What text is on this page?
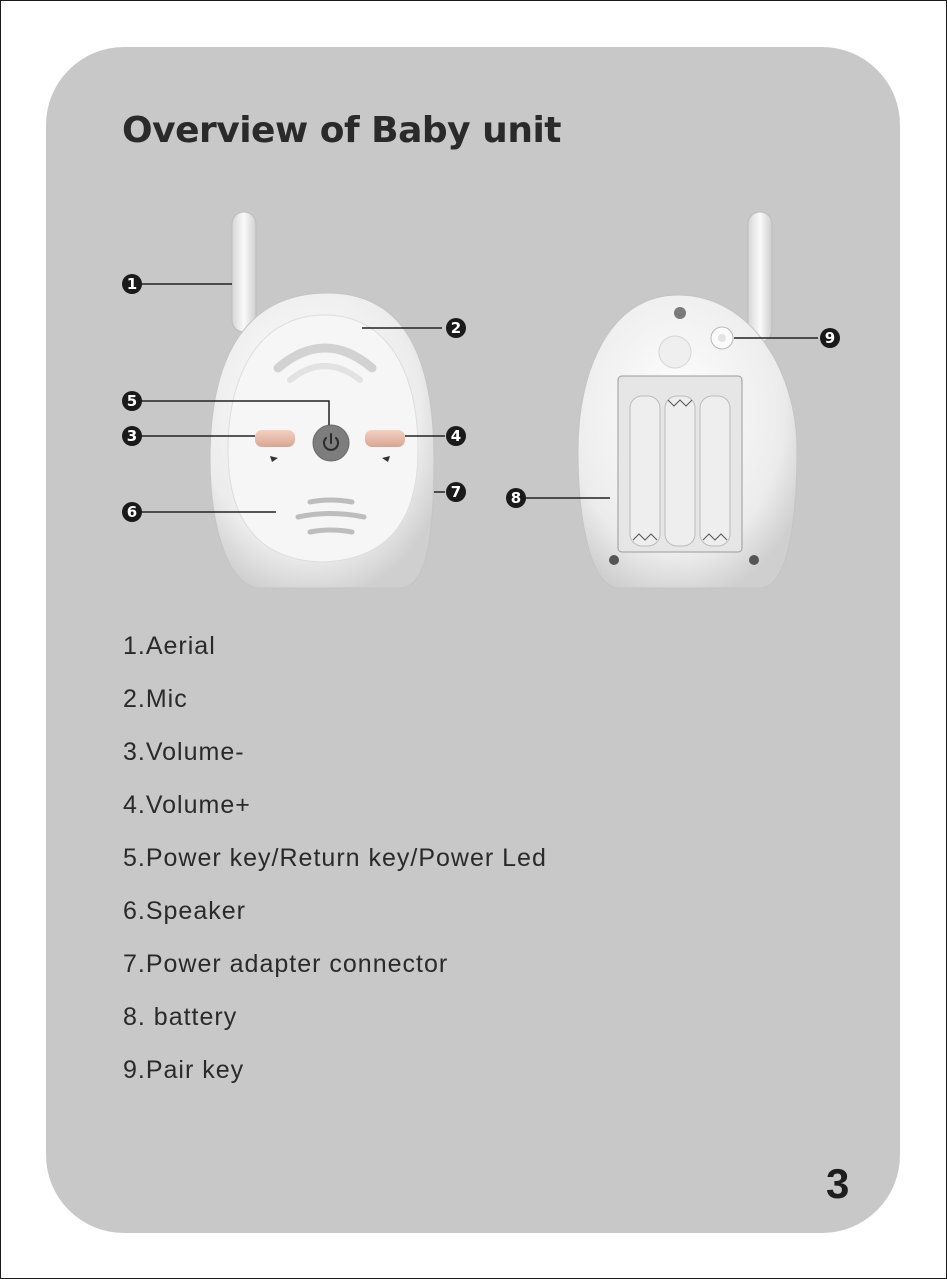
Overview of Baby unit
1
2
3	4
5
6
7	8
9
1.Aerial
2.Mic
3.Volume-
4.Volume+
5.Power key/Return key/Power Led
6.Speaker
7.Power adapter connector
8. battery
9.Pair key
3
